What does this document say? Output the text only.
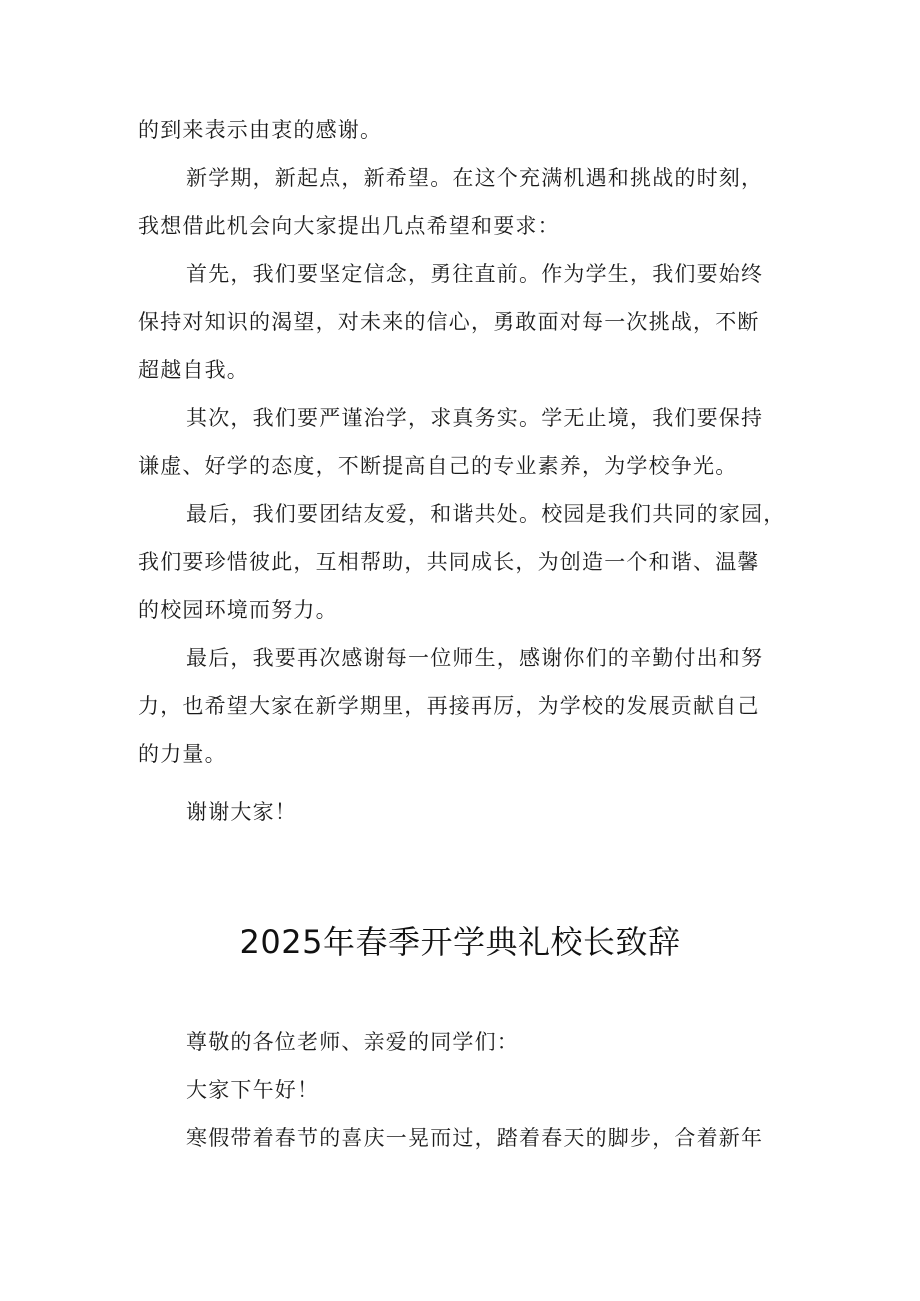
的到来表示由衷的感谢。

新学期，新起点，新希望。在这个充满机遇和挑战的时刻，

我想借此机会向大家提出几点希望和要求：

首先，我们要坚定信念，勇往直前。作为学生，我们要始终

保持对知识的渴望，对未来的信心，勇敢面对每一次挑战，不断

超越自我。

其次，我们要严谨治学，求真务实。学无止境，我们要保持

谦虚、好学的态度，不断提高自己的专业素养，为学校争光。

最后，我们要团结友爱，和谐共处。校园是我们共同的家园，

我们要珍惜彼此，互相帮助，共同成长，为创造一个和谐、温馨

的校园环境而努力。

最后，我要再次感谢每一位师生，感谢你们的辛勤付出和努

力，也希望大家在新学期里，再接再厉，为学校的发展贡献自己

的力量。

谢谢大家！

2025年春季开学典礼校长致辞

尊敬的各位老师、亲爱的同学们：

大家下午好！

寒假带着春节的喜庆一晃而过，踏着春天的脚步，合着新年
